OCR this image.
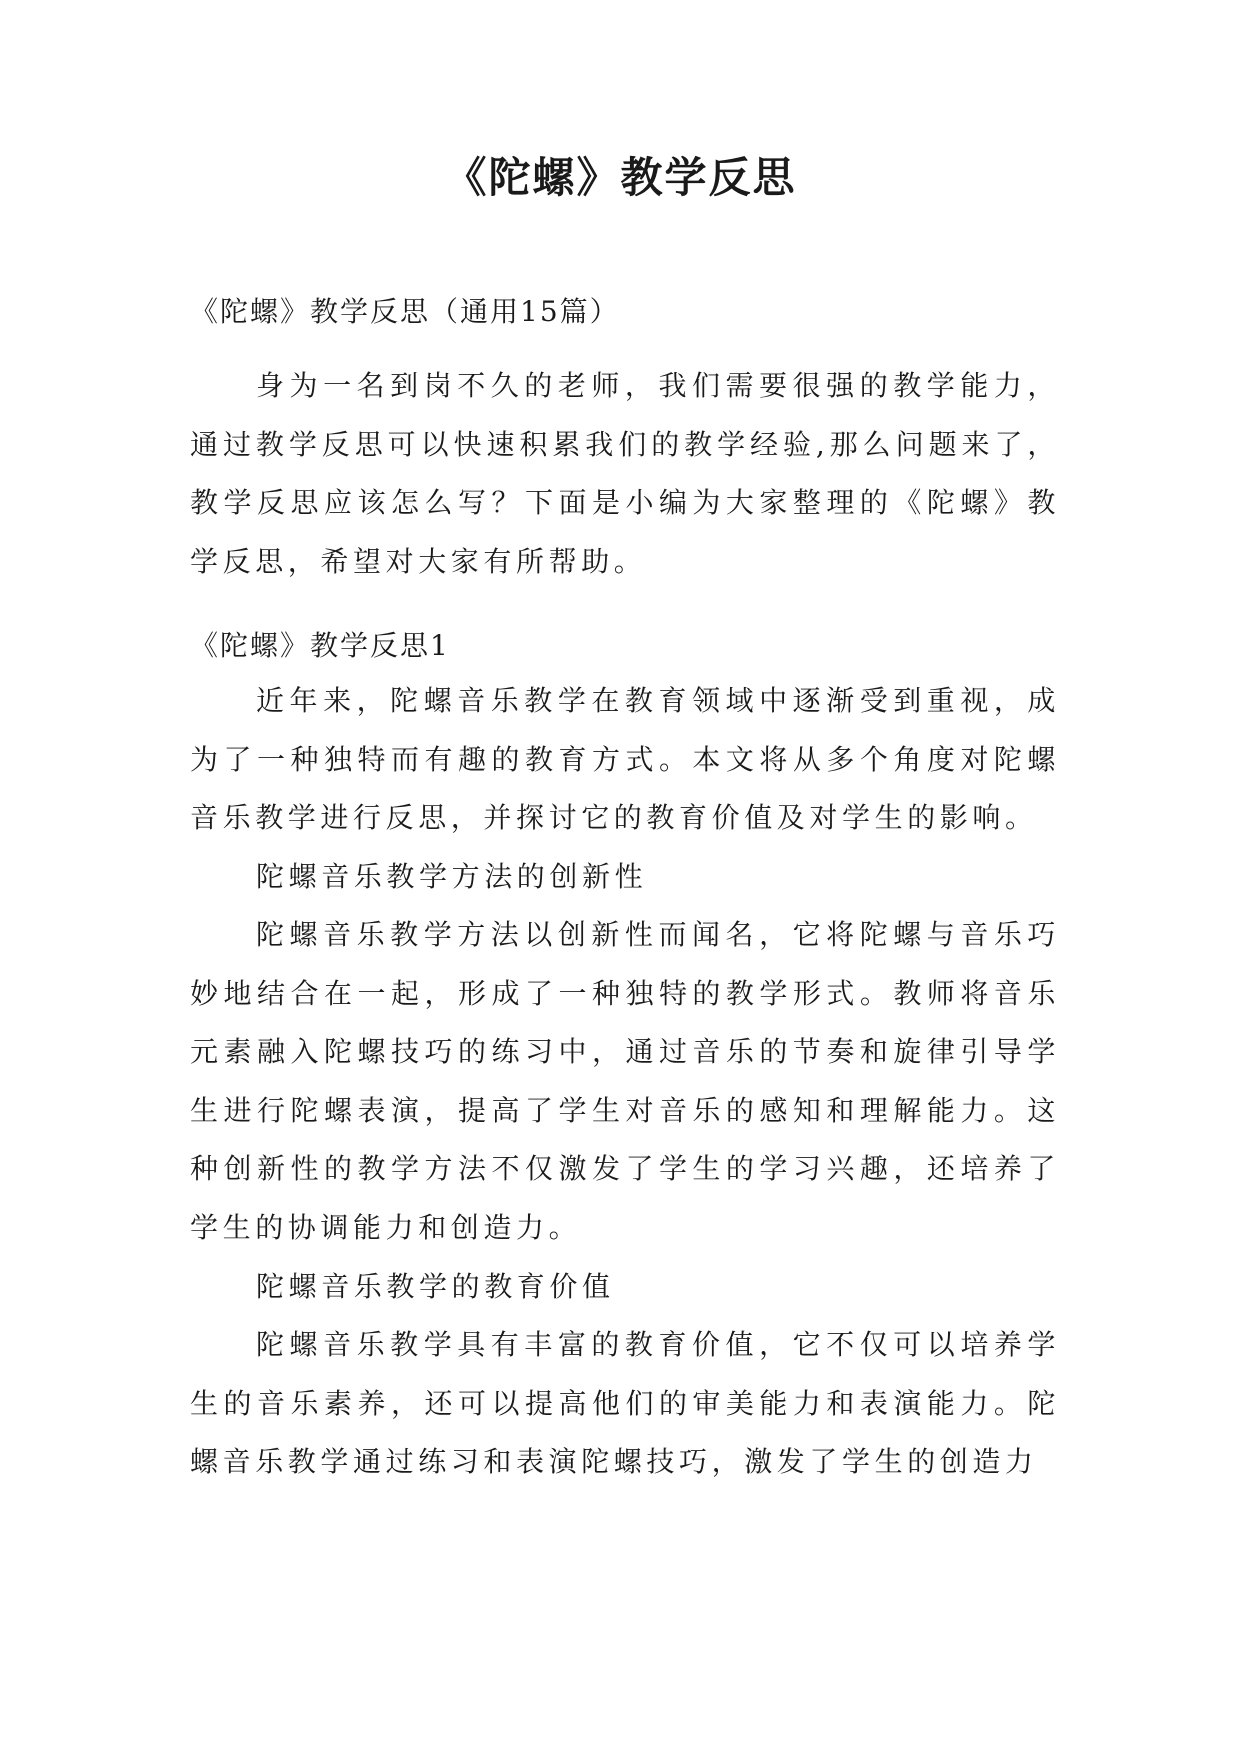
《陀螺》教学反思

《陀螺》教学反思（通用15篇）

身为一名到岗不久的老师，我们需要很强的教学能力，通过教学反思可以快速积累我们的教学经验,那么问题来了，教学反思应该怎么写？下面是小编为大家整理的《陀螺》教学反思，希望对大家有所帮助。

《陀螺》教学反思1

近年来，陀螺音乐教学在教育领域中逐渐受到重视，成为了一种独特而有趣的教育方式。本文将从多个角度对陀螺音乐教学进行反思，并探讨它的教育价值及对学生的影响。

陀螺音乐教学方法的创新性

陀螺音乐教学方法以创新性而闻名，它将陀螺与音乐巧妙地结合在一起，形成了一种独特的教学形式。教师将音乐元素融入陀螺技巧的练习中，通过音乐的节奏和旋律引导学生进行陀螺表演，提高了学生对音乐的感知和理解能力。这种创新性的教学方法不仅激发了学生的学习兴趣，还培养了学生的协调能力和创造力。

陀螺音乐教学的教育价值

陀螺音乐教学具有丰富的教育价值，它不仅可以培养学生的音乐素养，还可以提高他们的审美能力和表演能力。陀螺音乐教学通过练习和表演陀螺技巧，激发了学生的创造力
